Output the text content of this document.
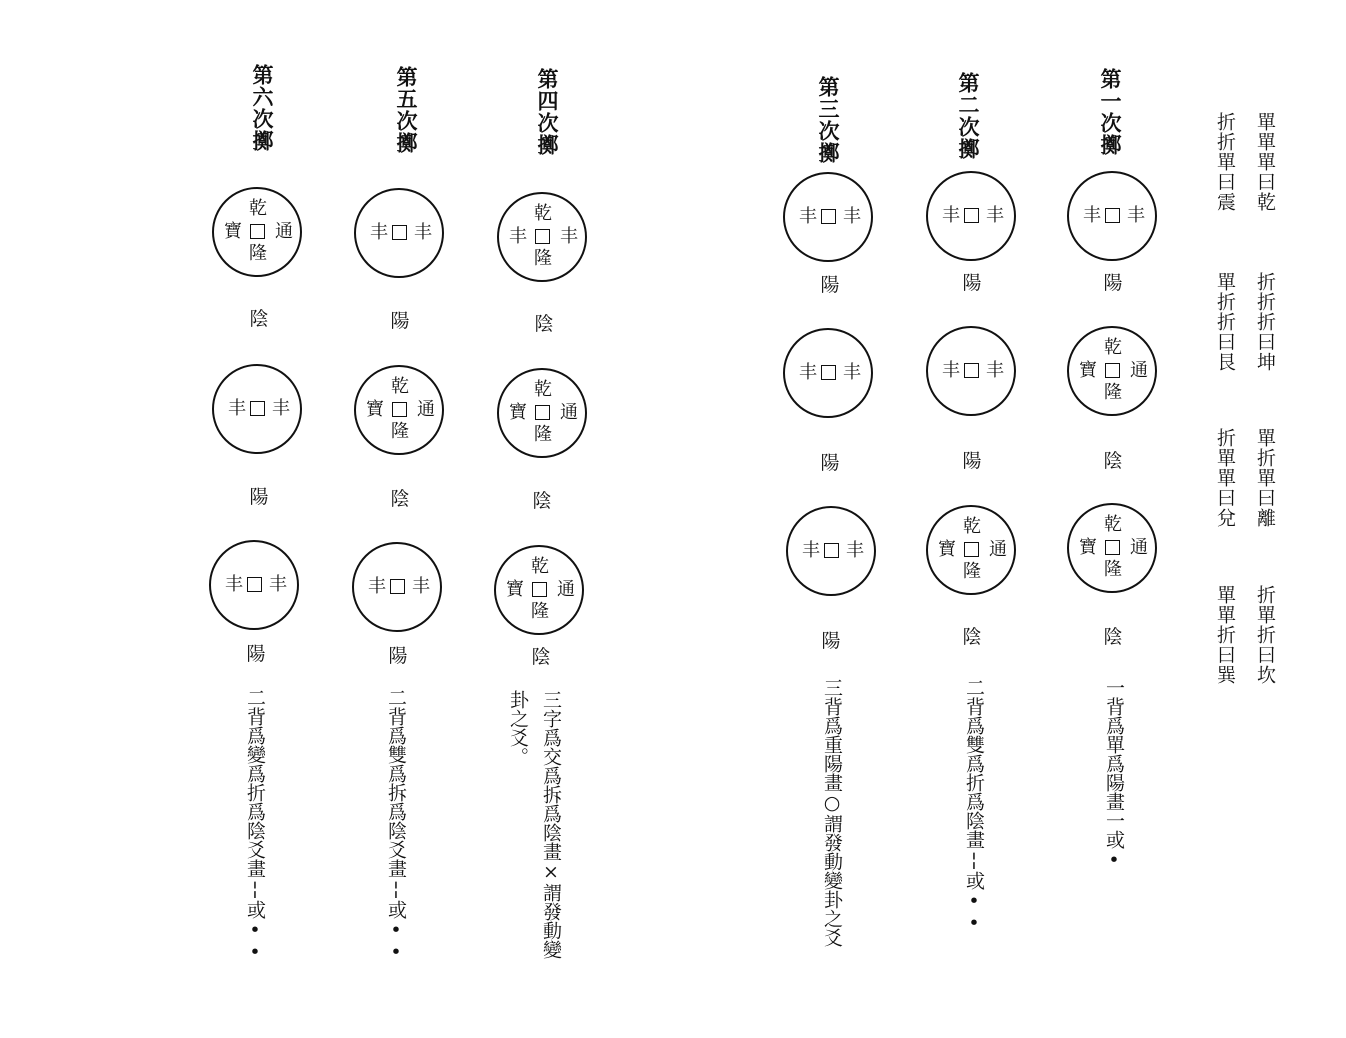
單單單曰乾
折折單曰震
折折折曰坤
單折折曰艮
單折單曰離
折單單曰兌
折單折曰坎
單單折曰巽
第一次擲
丰 丰
陽
乾
寶 通
隆
陰
乾
寶 通
隆
陰
一背爲單爲陽畫一或•
第二次擲
丰 丰
陽
丰 丰
陽
乾
寶 通
隆
陰
二背爲雙爲折爲陰畫¦或••
第三次擲
丰 丰
陽
丰 丰
陽
丰 丰
陽
三背爲重陽畫○謂發動變卦之爻
第四次擲
乾
丰 丰
隆
陰
乾
寶 通
隆
陰
乾
寶 通
隆
陰
三字爲交爲拆爲陰畫×謂發動變
卦之爻。
第五次擲
丰 丰
陽
乾
寶 通
隆
陰
丰 丰
陽
二背爲雙爲拆爲陰爻畫¦或••
第六次擲
乾
寶 通
隆
陰
丰 丰
陽
丰 丰
陽
二背爲變爲折爲陰爻畫¦或••
